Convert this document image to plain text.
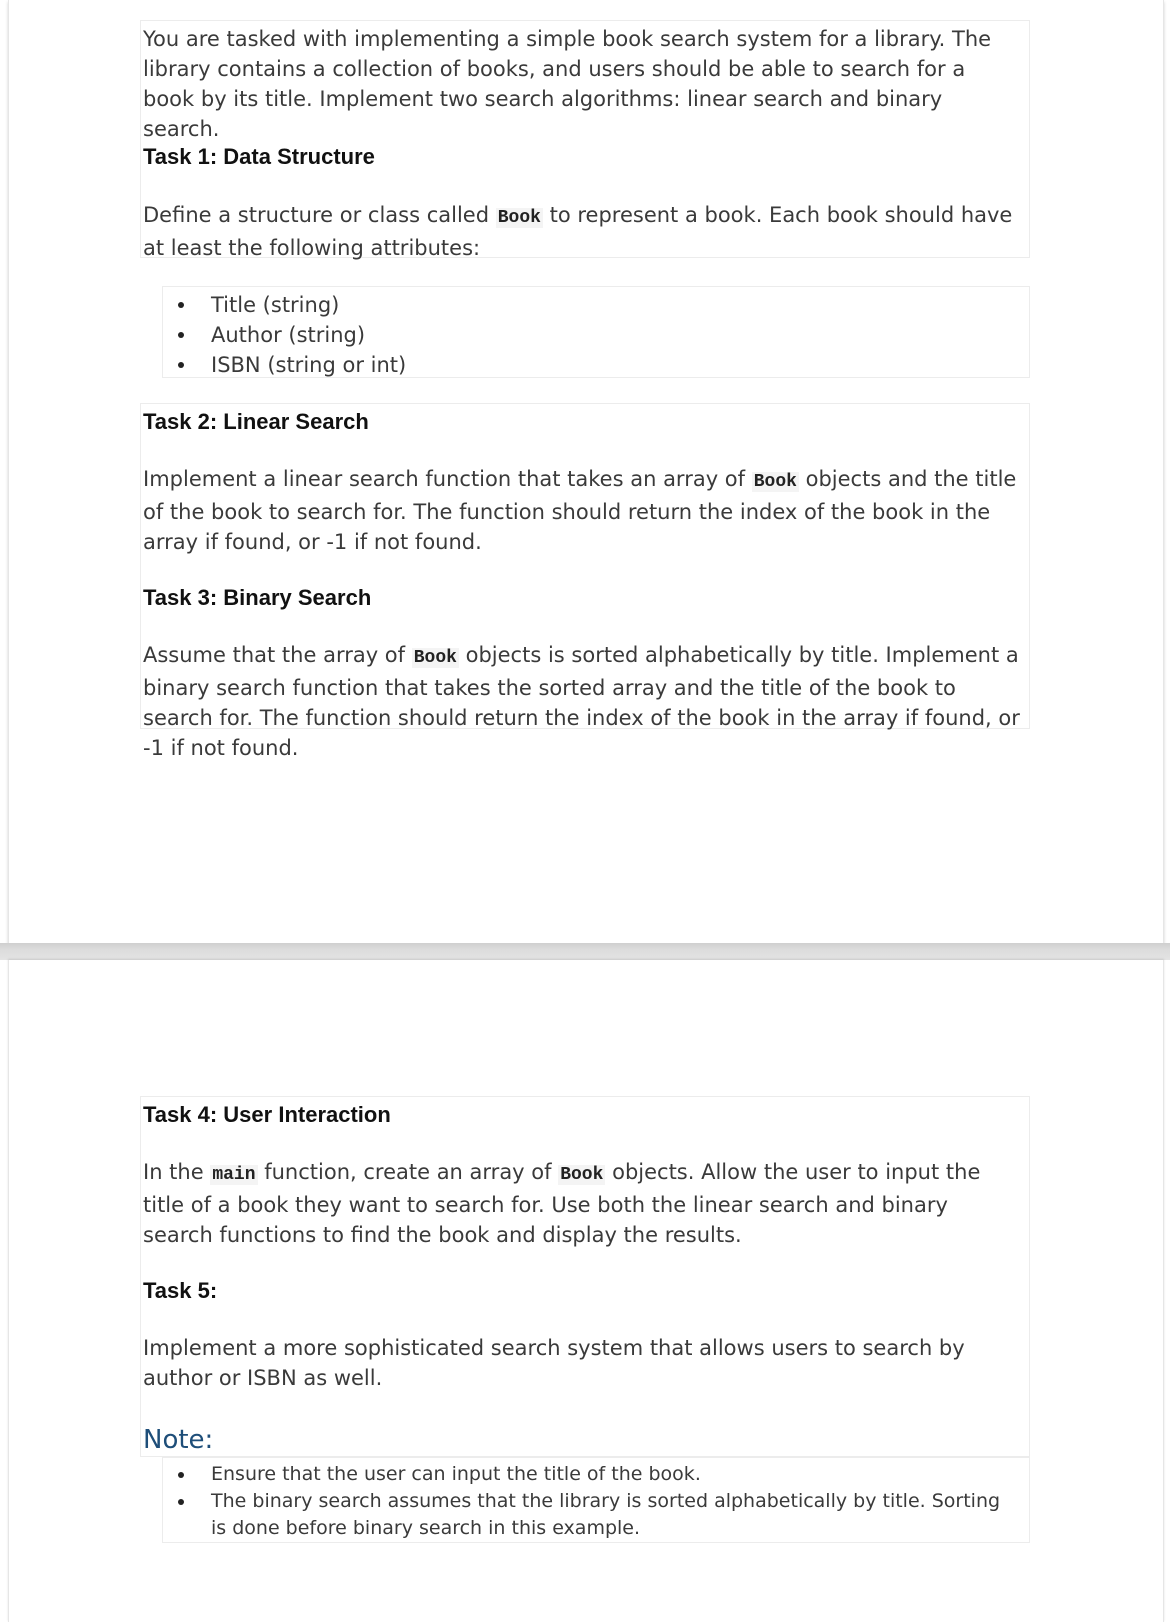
You are tasked with implementing a simple book search system for a library. The library contains a collection of books, and users should be able to search for a book by its title. Implement two search algorithms: linear search and binary search.

Task 1: Data Structure

Define a structure or class called Book to represent a book. Each book should have at least the following attributes:

Title (string)
Author (string)
ISBN (string or int)

Task 2: Linear Search

Implement a linear search function that takes an array of Book objects and the title of the book to search for. The function should return the index of the book in the array if found, or -1 if not found.

Task 3: Binary Search

Assume that the array of Book objects is sorted alphabetically by title. Implement a binary search function that takes the sorted array and the title of the book to search for. The function should return the index of the book in the array if found, or -1 if not found.

Task 4: User Interaction

In the main function, create an array of Book objects. Allow the user to input the title of a book they want to search for. Use both the linear search and binary search functions to find the book and display the results.

Task 5:

Implement a more sophisticated search system that allows users to search by author or ISBN as well.

Note:

Ensure that the user can input the title of the book.
The binary search assumes that the library is sorted alphabetically by title. Sorting is done before binary search in this example.
